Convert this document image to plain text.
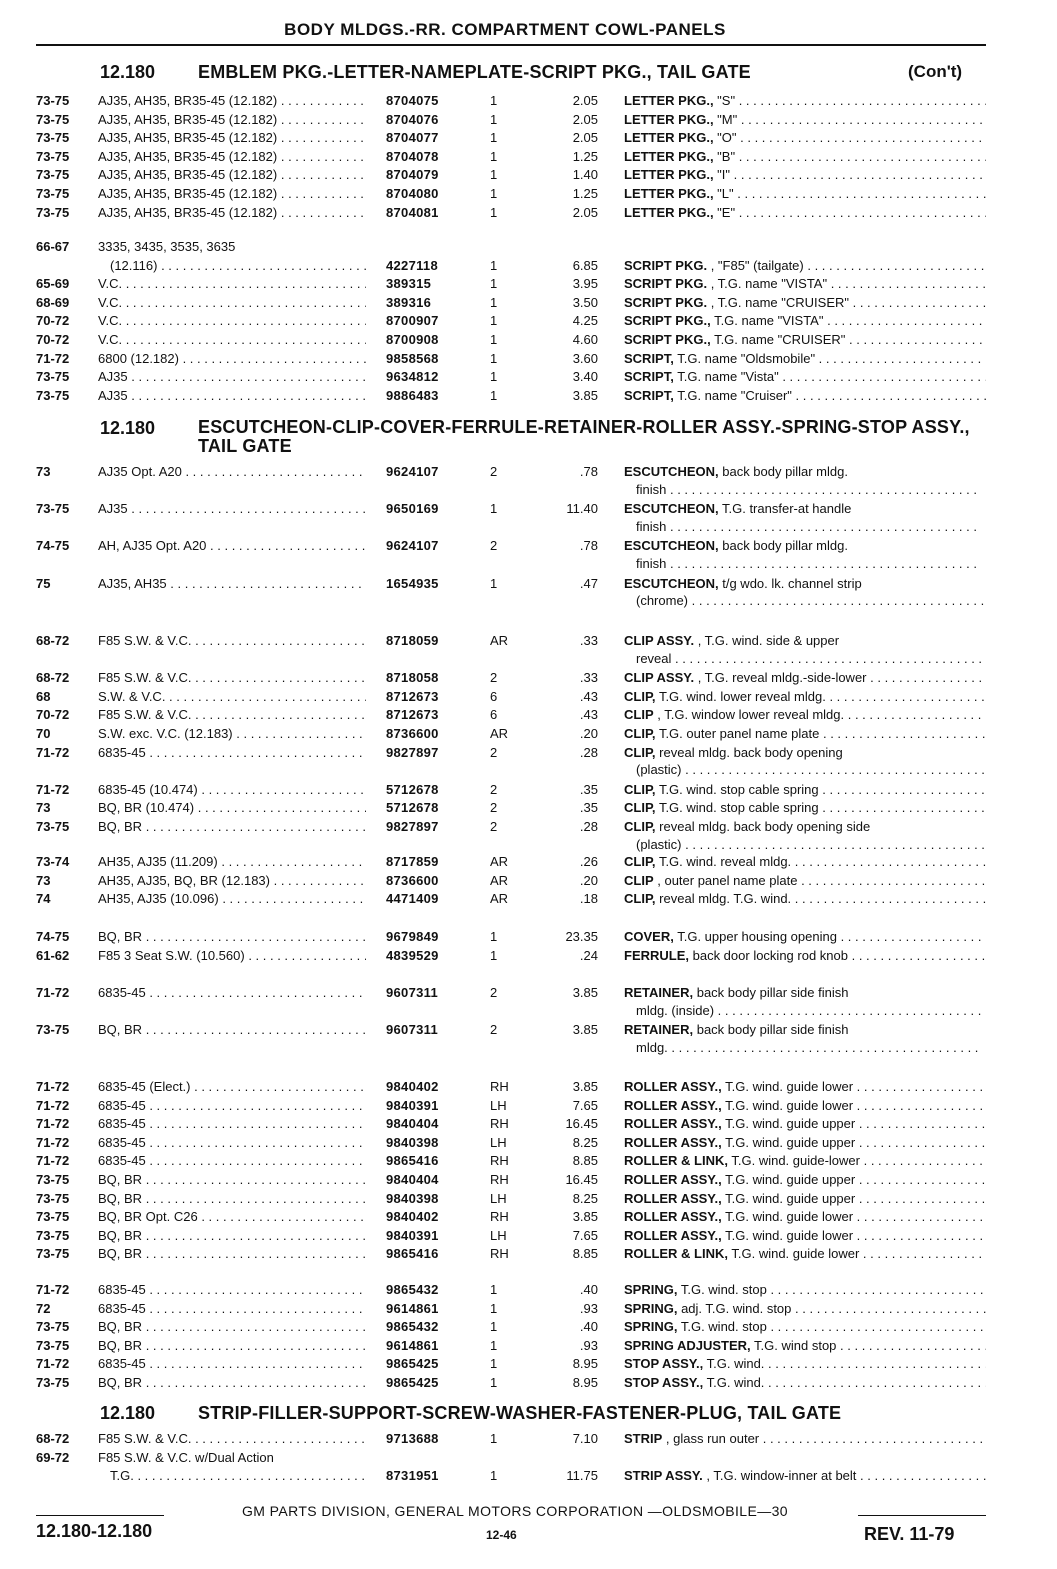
BODY MLDGS.-RR. COMPARTMENT COWL-PANELS
12.180 EMBLEM PKG.-LETTER-NAMEPLATE-SCRIPT PKG., TAIL GATE	(Con't)
12.180 ESCUTCHEON-CLIP-COVER-FERRULE-RETAINER-ROLLER ASSY.-SPRING-STOP ASSY., TAIL GATE
12.180 STRIP-FILLER-SUPPORT-SCREW-WASHER-FASTENER-PLUG, TAIL GATE
73-75 AJ35, AH35, BR35-45 (12.182) . . .	8704075	1	2.05 LETTER PKG., "S" . . .
73-75 AJ35, AH35, BR35-45 (12.182) . . .	8704076	1	2.05 LETTER PKG., "M" . . .
73-75 AJ35, AH35, BR35-45 (12.182) . . .	8704077	1	2.05 LETTER PKG., "O" . . .
73-75 AJ35, AH35, BR35-45 (12.182) . . .	8704078	1	1.25 LETTER PKG., "B" . . .
73-75 AJ35, AH35, BR35-45 (12.182) . . .	8704079	1	1.40 LETTER PKG., "I" . . .
73-75 AJ35, AH35, BR35-45 (12.182) . . .	8704080	1	1.25 LETTER PKG., "L" . . .
73-75 AJ35, AH35, BR35-45 (12.182) . . .	8704081	1	2.05 LETTER PKG., "E" . . .
66-67 3335, 3435, 3535, 3635
(12.116) . . .	4227118	1	6.85 SCRIPT PKG. , "F85" (tailgate) . . .
65-69 V.C. . . .	389315	1	3.95 SCRIPT PKG. , T.G. name "VISTA" . . .
68-69 V.C. . . .	389316	1	3.50 SCRIPT PKG. , T.G. name "CRUISER" . . .
70-72 V.C. . . .	8700907	1	4.25 SCRIPT PKG., T.G. name "VISTA" . . .
70-72 V.C. . . .	8700908	1	4.60 SCRIPT PKG., T.G. name "CRUISER" . . .
71-72 6800 (12.182) . . .	9858568	1	3.60 SCRIPT, T.G. name "Oldsmobile" . . .
73-75 AJ35 . . .	9634812	1	3.40 SCRIPT, T.G. name "Vista" . . .
73-75 AJ35 . . .	9886483	1	3.85 SCRIPT, T.G. name "Cruiser" . . .
73	AJ35 Opt. A20 . . .	9624107	2	.78 ESCUTCHEON, back body pillar mldg.
finish . . .
73-75 AJ35 . . .	9650169	1	11.40 ESCUTCHEON, T.G. transfer-at handle
finish . . .
74-75 AH, AJ35 Opt. A20 . . .	9624107	2	.78 ESCUTCHEON, back body pillar mldg.
finish . . .
75	AJ35, AH35 . . .	1654935	1	.47 ESCUTCHEON, t/g wdo. lk. channel strip
(chrome) . . .
68-72 F85 S.W. & V.C. . . .	8718059	AR	.33 CLIP ASSY. , T.G. wind. side & upper
reveal . . .
68-72 F85 S.W. & V.C. . . .	8718058	2	.33 CLIP ASSY. , T.G. reveal mldg.-side-lower . . .
68	S.W. & V.C. . . .	8712673	6	.43 CLIP, T.G. wind. lower reveal mldg. . . .
70-72 F85 S.W. & V.C. . . .	8712673	6	.43 CLIP , T.G. window lower reveal mldg. . . .
70	S.W. exc. V.C. (12.183) . . .	8736600	AR	.20 CLIP, T.G. outer panel name plate . . .
71-72 6835-45 . . .	9827897	2	.28 CLIP, reveal mldg. back body opening
(plastic) . . .
71-72 6835-45 (10.474) . . .	5712678	2	.35 CLIP, T.G. wind. stop cable spring . . .
73	BQ, BR (10.474) . . .	5712678	2	.35 CLIP, T.G. wind. stop cable spring . . .
73-75 BQ, BR . . .	9827897	2	.28 CLIP, reveal mldg. back body opening side
(plastic) . . .
73-74 AH35, AJ35 (11.209) . . .	8717859	AR	.26 CLIP, T.G. wind. reveal mldg. . . .
73	AH35, AJ35, BQ, BR (12.183) . . .	8736600	AR	.20 CLIP , outer panel name plate . . .
74	AH35, AJ35 (10.096) . . .	4471409	AR	.18 CLIP, reveal mldg. T.G. wind. . . .
74-75 BQ, BR . . .	9679849	1	23.35 COVER, T.G. upper housing opening . . .
61-62 F85 3 Seat S.W. (10.560) . . .	4839529	1	.24 FERRULE, back door locking rod knob . . .
71-72 6835-45 . . .	9607311	2	3.85 RETAINER, back body pillar side finish
mldg. (inside) . . .
73-75 BQ, BR . . .	9607311	2	3.85 RETAINER, back body pillar side finish
mldg. . . .
71-72 6835-45 (Elect.) . . .	9840402	RH	3.85 ROLLER ASSY., T.G. wind. guide lower . . .
71-72 6835-45 . . .	9840391	LH	7.65 ROLLER ASSY., T.G. wind. guide lower . . .
71-72 6835-45 . . .	9840404	RH	16.45 ROLLER ASSY., T.G. wind. guide upper . . .
71-72 6835-45 . . .	9840398	LH	8.25 ROLLER ASSY., T.G. wind. guide upper . . .
71-72 6835-45 . . .	9865416	RH	8.85 ROLLER & LINK, T.G. wind. guide-lower . . .
73-75 BQ, BR . . .	9840404	RH	16.45 ROLLER ASSY., T.G. wind. guide upper . . .
73-75 BQ, BR . . .	9840398	LH	8.25 ROLLER ASSY., T.G. wind. guide upper . . .
73-75 BQ, BR Opt. C26 . . .	9840402	RH	3.85 ROLLER ASSY., T.G. wind. guide lower . . .
73-75 BQ, BR . . .	9840391	LH	7.65 ROLLER ASSY., T.G. wind. guide lower . . .
73-75 BQ, BR . . .	9865416	RH	8.85 ROLLER & LINK, T.G. wind. guide lower . . .
71-72 6835-45 . . .	9865432	1	.40 SPRING, T.G. wind. stop . . .
72	6835-45 . . .	9614861	1	.93 SPRING, adj. T.G. wind. stop . . .
73-75 BQ, BR . . .	9865432	1	.40 SPRING, T.G. wind. stop . . .
73-75 BQ, BR . . .	9614861	1	.93 SPRING ADJUSTER, T.G. wind stop . . .
71-72 6835-45 . . .	9865425	1	8.95 STOP ASSY., T.G. wind. . . .
73-75 BQ, BR . . .	9865425	1	8.95 STOP ASSY., T.G. wind. . . .
68-72 F85 S.W. & V.C. . . .	9713688	1	7.10 STRIP , glass run outer . . .
69-72 F85 S.W. & V.C. w/Dual Action
T.G. . . .	8731951	1	11.75 STRIP ASSY. , T.G. window-inner at belt . . .
GM PARTS DIVISION, GENERAL MOTORS CORPORATION —OLDSMOBILE—30
12.180-12.180	12-46	REV. 11-79
